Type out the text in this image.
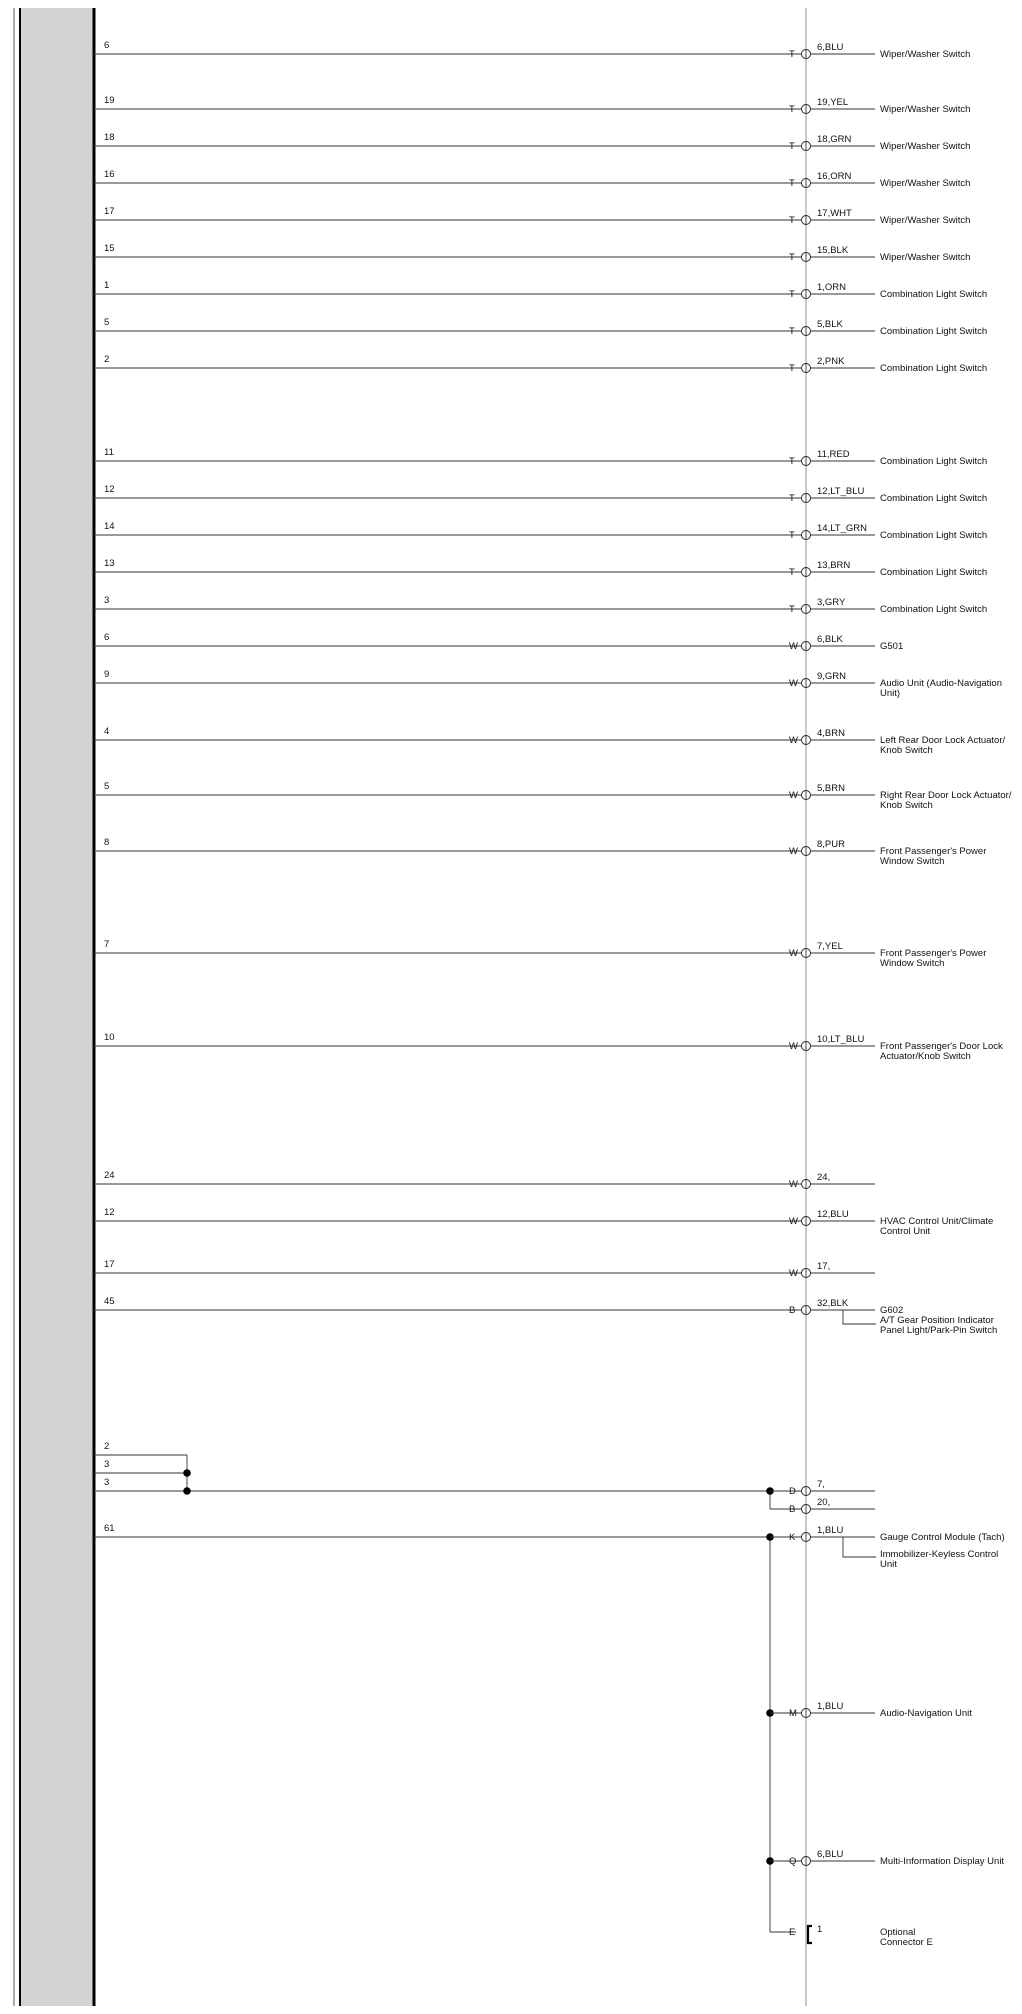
6
T
6,BLU
Wiper/Washer Switch
19
T
19,YEL
Wiper/Washer Switch
18
T
18,GRN
Wiper/Washer Switch
16
T
16,ORN
Wiper/Washer Switch
17
T
17,WHT
Wiper/Washer Switch
15
T
15,BLK
Wiper/Washer Switch
1
T
1,ORN
Combination Light Switch
5
T
5,BLK
Combination Light Switch
2
T
2,PNK
Combination Light Switch
11
T
11,RED
Combination Light Switch
12
T
12,LT_BLU
Combination Light Switch
14
T
14,LT_GRN
Combination Light Switch
13
T
13,BRN
Combination Light Switch
3
T
3,GRY
Combination Light Switch
6
W
6,BLK
G501
9
W
9,GRN
Audio Unit (Audio-Navigation
Unit)
4
W
4,BRN
Left Rear Door Lock Actuator/
Knob Switch
5
W
5,BRN
Right Rear Door Lock Actuator/
Knob Switch
8
W
8,PUR
Front Passenger's Power
Window Switch
7
W
7,YEL
Front Passenger's Power
Window Switch
10
W
10,LT_BLU
Front Passenger's Door Lock
Actuator/Knob Switch
24
W
24,
12
W
12,BLU
HVAC Control Unit/Climate
Control Unit
17
W
17,
45
B
32,BLK
G602
A/T Gear Position Indicator
Panel Light/Park-Pin Switch
2
3
3
D
7,
B
20,
61
K
1,BLU
Gauge Control Module (Tach)
Immobilizer-Keyless Control
Unit
M
1,BLU
Audio-Navigation Unit
Q
6,BLU
Multi-Information Display Unit
E 1	Optional
Connector E
